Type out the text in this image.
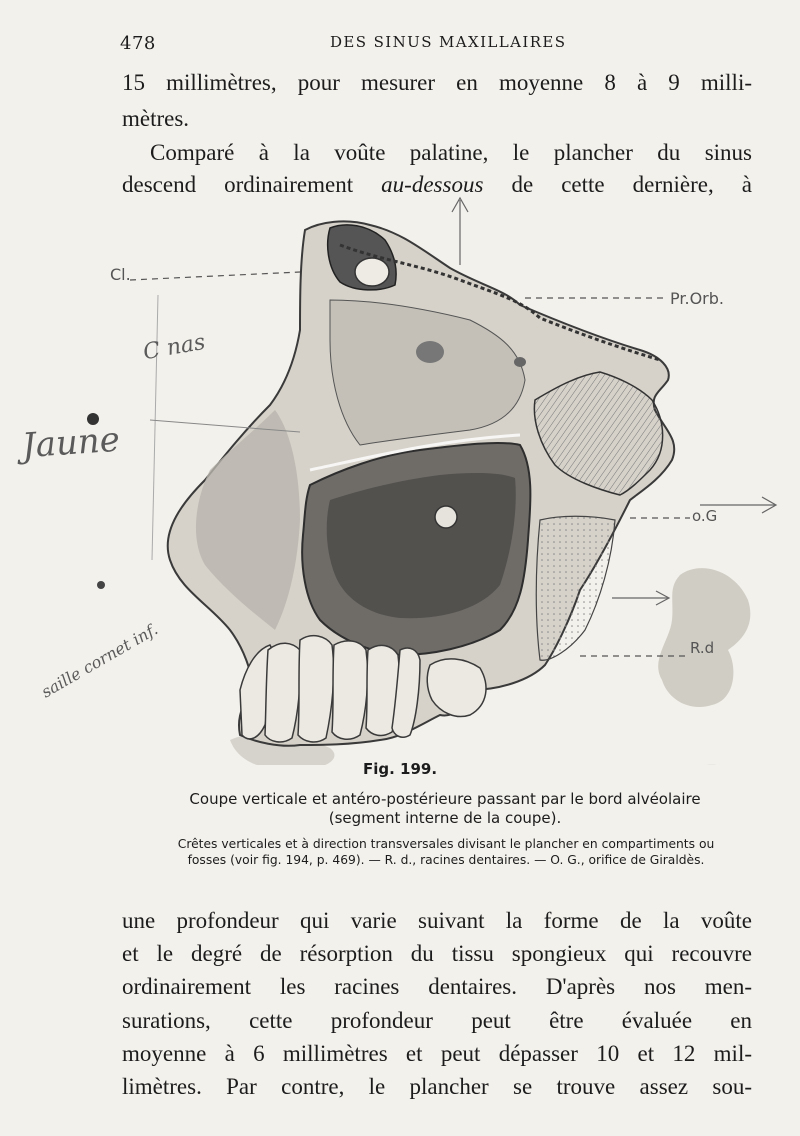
478	DES SINUS MAXILLAIRES
15 millimètres, pour mesurer en moyenne 8 à 9 milli-
mètres.
Comparé à la voûte palatine, le plancher du sinus
descend ordinairement au-dessous de cette dernière, à
Cl.
Pr.Orb.
o.G
R.d
C nas
Jaune
saille cornet inf.
Fig. 199.
Coupe verticale et antéro-postérieure passant par le bord alvéolaire
(segment interne de la coupe).
Crêtes verticales et à direction transversales divisant le plancher en compartiments ou
fosses (voir fig. 194, p. 469). — R. d., racines dentaires. — O. G., orifice de Giraldès.
une profondeur qui varie suivant la forme de la voûte
et le degré de résorption du tissu spongieux qui recouvre
ordinairement les racines dentaires. D'après nos men-
surations, cette profondeur peut être évaluée en
moyenne à 6 millimètres et peut dépasser 10 et 12 mil-
limètres. Par contre, le plancher se trouve assez sou-
